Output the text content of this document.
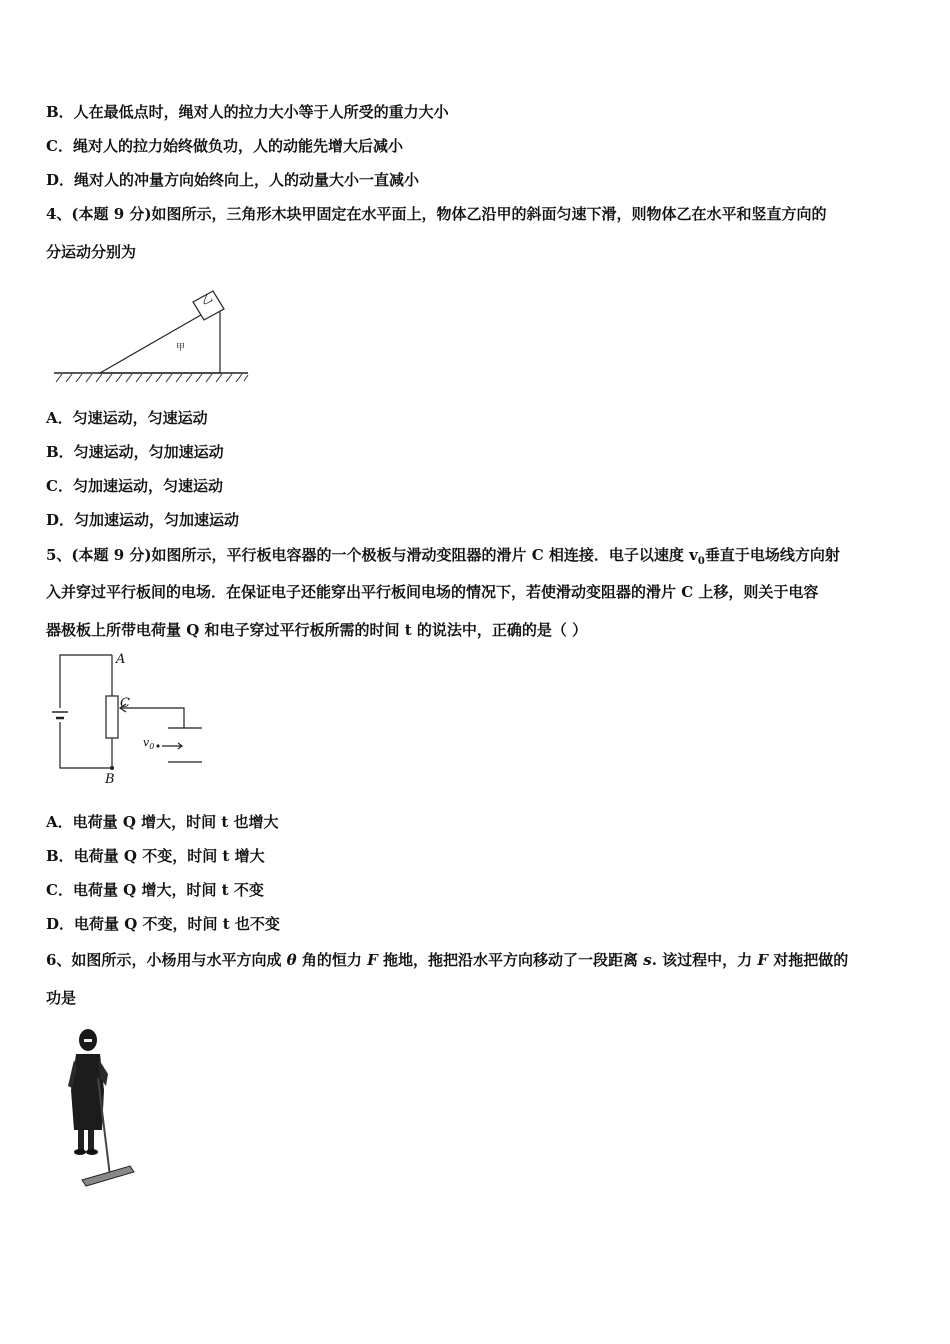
B．人在最低点时，绳对人的拉力大小等于人所受的重力大小
C．绳对人的拉力始终做负功，人的动能先增大后减小
D．绳对人的冲量方向始终向上，人的动量大小一直减小
4、(本题 9 分)如图所示，三角形木块甲固定在水平面上，物体乙沿甲的斜面匀速下滑，则物体乙在水平和竖直方向的
分运动分别为
乙
甲
A．匀速运动，匀速运动
B．匀速运动，匀加速运动
C．匀加速运动，匀速运动
D．匀加速运动，匀加速运动
5、(本题 9 分)如图所示，平行板电容器的一个极板与滑动变阻器的滑片 C 相连接．电子以速度 $v_0$垂直于电场线方向射
入并穿过平行板间的电场．在保证电子还能穿出平行板间电场的情况下，若使滑动变阻器的滑片 C 上移，则关于电容
器极板上所带电荷量 Q 和电子穿过平行板所需的时间 t 的说法中，正确的是（ ）
A
C
B
$v_0$
A．电荷量 Q 增大，时间 t 也增大
B．电荷量 Q 不变，时间 t 增大
C．电荷量 Q 增大，时间 t 不变
D．电荷量 Q 不变，时间 t 也不变
6、如图所示，小杨用与水平方向成 θ 角的恒力 F 拖地，拖把沿水平方向移动了一段距离 s. 该过程中，力 F 对拖把做的
功是
